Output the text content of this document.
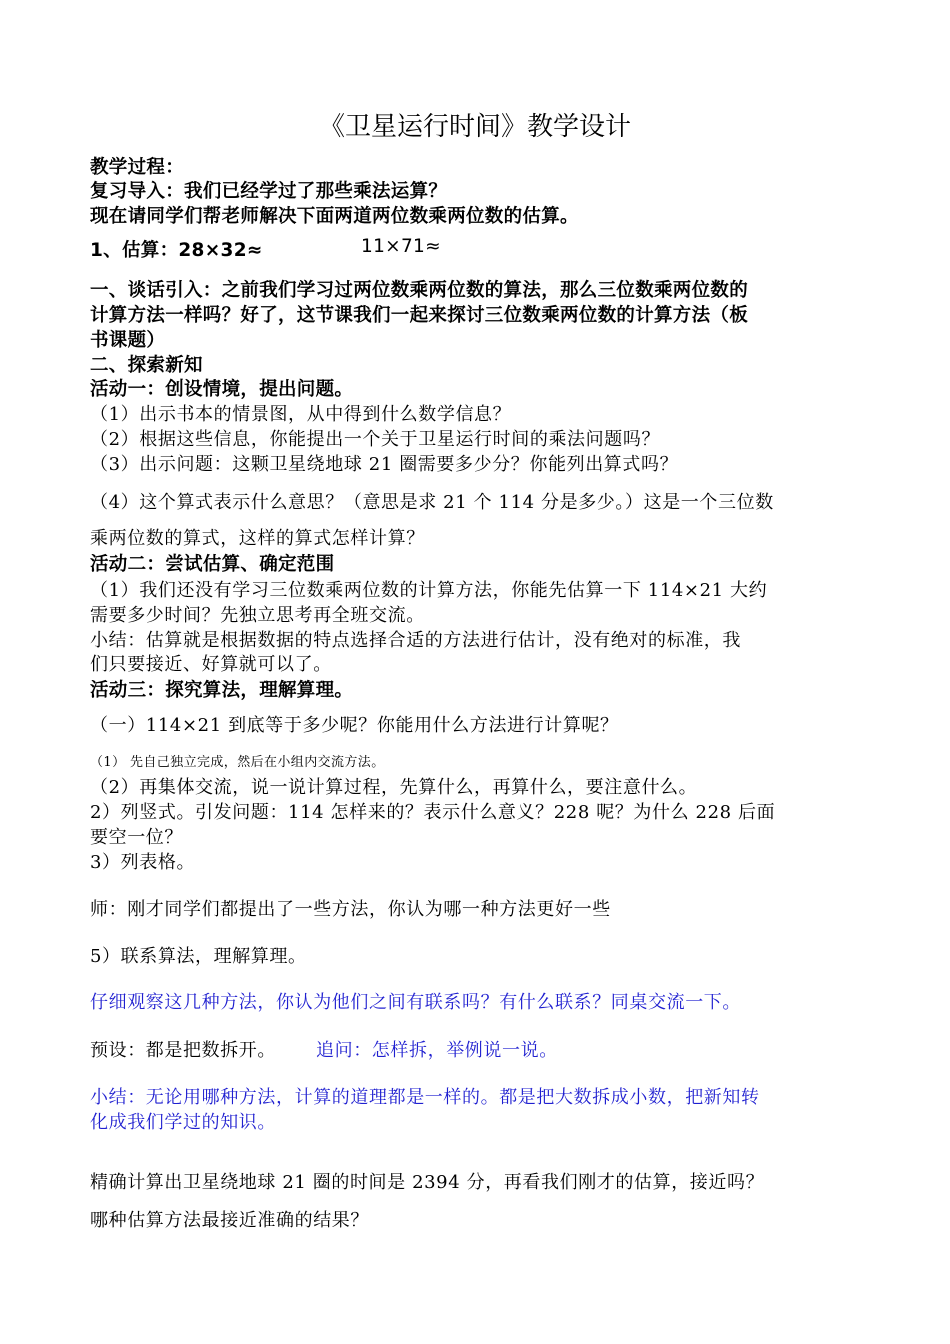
《卫星运行时间》教学设计
教学过程：
复习导入：我们已经学过了那些乘法运算？
现在请同学们帮老师解决下面两道两位数乘两位数的估算。
1、估算：28×32≈	11×71≈
一、谈话引入：之前我们学习过两位数乘两位数的算法，那么三位数乘两位数的
计算方法一样吗？好了，这节课我们一起来探讨三位数乘两位数的计算方法（板
书课题）
二、探索新知
活动一：创设情境，提出问题。
（1）出示书本的情景图，从中得到什么数学信息？
（2）根据这些信息，你能提出一个关于卫星运行时间的乘法问题吗？
（3）出示问题：这颗卫星绕地球 21 圈需要多少分？你能列出算式吗？
（4）这个算式表示什么意思？（意思是求 21 个 114 分是多少。）这是一个三位数
乘两位数的算式，这样的算式怎样计算？
活动二：尝试估算、确定范围
（1）我们还没有学习三位数乘两位数的计算方法，你能先估算一下 114×21 大约
需要多少时间？先独立思考再全班交流。
小结：估算就是根据数据的特点选择合适的方法进行估计，没有绝对的标准，我
们只要接近、好算就可以了。
活动三：探究算法，理解算理。
（一）114×21 到底等于多少呢？你能用什么方法进行计算呢？
（1） 先自己独立完成，然后在小组内交流方法。
（2）再集体交流，说一说计算过程，先算什么，再算什么，要注意什么。
2）列竖式。引发问题：114 怎样来的？表示什么意义？228 呢？为什么 228 后面
要空一位？
3）列表格。
师：刚才同学们都提出了一些方法，你认为哪一种方法更好一些
5）联系算法，理解算理。
仔细观察这几种方法，你认为他们之间有联系吗？有什么联系？同桌交流一下。
预设：都是把数拆开。 追问：怎样拆，举例说一说。
小结：无论用哪种方法，计算的道理都是一样的。都是把大数拆成小数，把新知转
化成我们学过的知识。
精确计算出卫星绕地球 21 圈的时间是 2394 分，再看我们刚才的估算，接近吗？
哪种估算方法最接近准确的结果？
